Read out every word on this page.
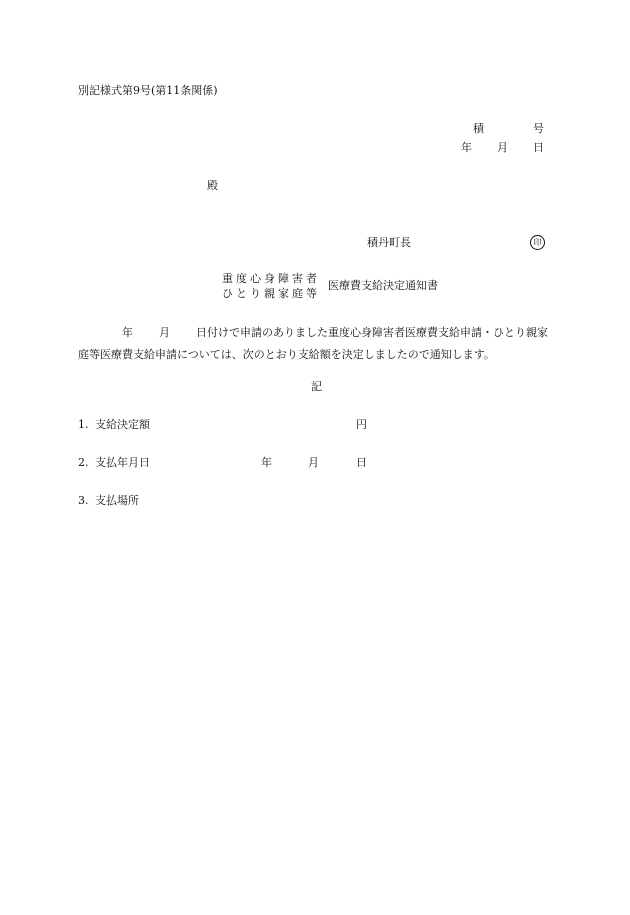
別記様式第9号(第11条関係)
積	号
年 月 日
殿
積丹町長	印
重度心身障害者
ひとり親家庭等
医療費支給決定通知書
年 月 日付けで申請のありました重度心身障害者医療費支給申請・ひとり親家庭等医療費支給申請については、次のとおり支給額を決定しましたので通知します。
記
1. 支給決定額	円
2. 支払年月日	年	月	日
3. 支払場所
